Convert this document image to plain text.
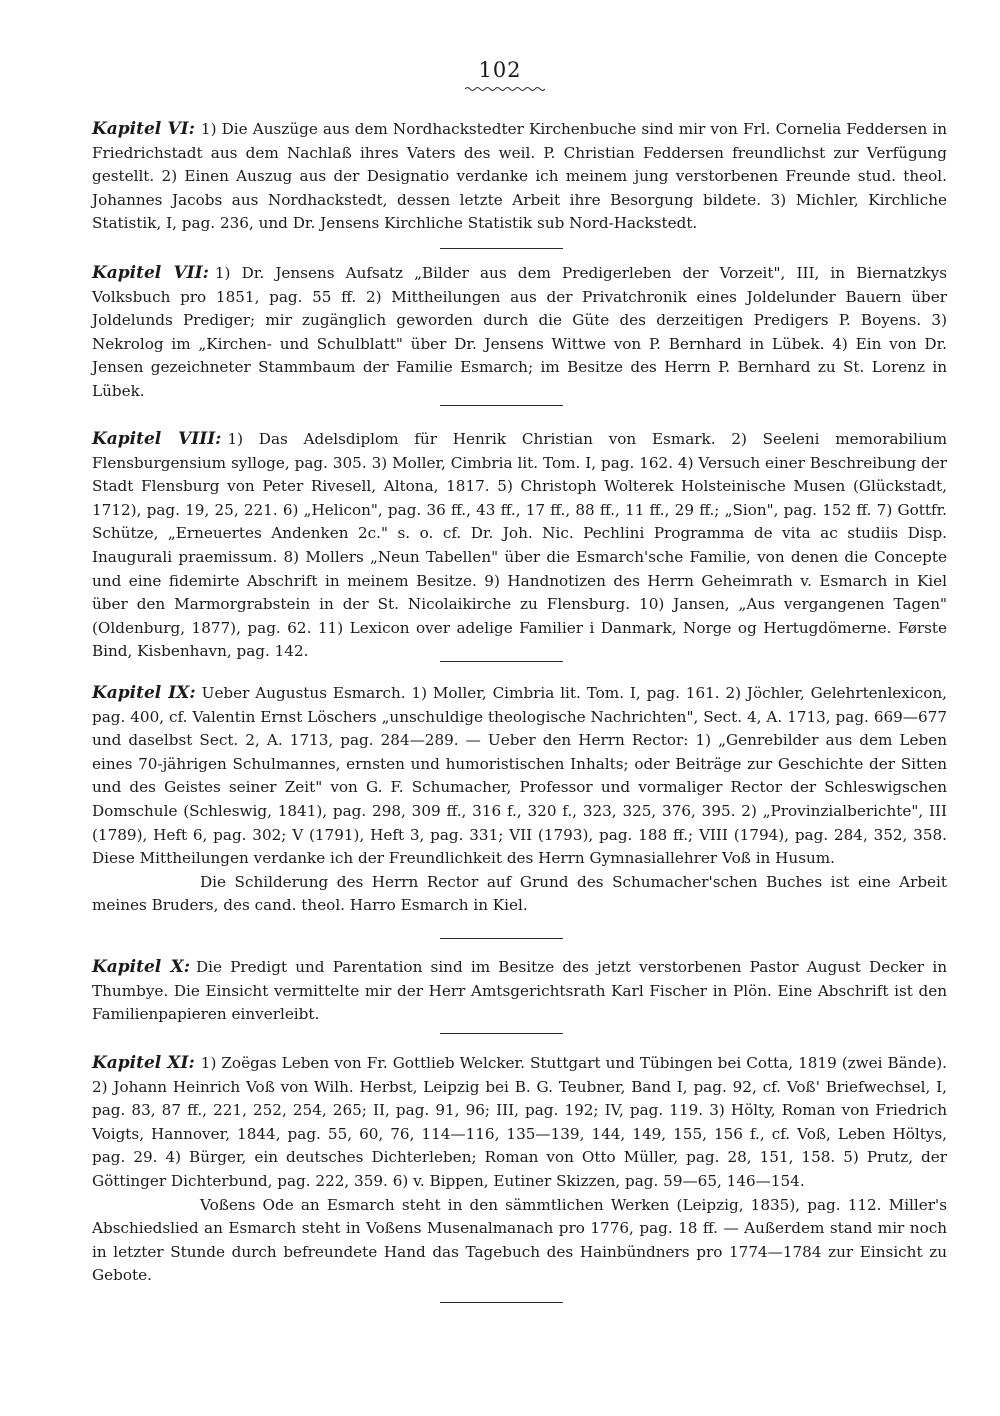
102

Kapitel VI: 1) Die Auszüge aus dem Nordhackstedter Kirchenbuche sind mir von Frl. Cornelia Feddersen in Friedrichstadt aus dem Nachlaß ihres Vaters des weil. P. Christian Feddersen freundlichst zur Verfügung gestellt. 2) Einen Auszug aus der Designatio verdanke ich meinem jung verstorbenen Freunde stud. theol. Johannes Jacobs aus Nordhackstedt, dessen letzte Arbeit ihre Besorgung bildete. 3) Michler, Kirchliche Statistik, I, pag. 236, und Dr. Jensens Kirchliche Statistik sub Nord-Hackstedt.

Kapitel VII: 1) Dr. Jensens Aufsatz „Bilder aus dem Predigerleben der Vorzeit", III, in Biernatzkys Volksbuch pro 1851, pag. 55 ff. 2) Mittheilungen aus der Privatchronik eines Joldelunder Bauern über Joldelunds Prediger; mir zugänglich geworden durch die Güte des derzeitigen Predigers P. Boyens. 3) Nekrolog im „Kirchen- und Schulblatt" über Dr. Jensens Wittwe von P. Bernhard in Lübek. 4) Ein von Dr. Jensen gezeichneter Stammbaum der Familie Esmarch; im Besitze des Herrn P. Bernhard zu St. Lorenz in Lübek.

Kapitel VIII: 1) Das Adelsdiplom für Henrik Christian von Esmark. 2) Seeleni memorabilium Flensburgensium sylloge, pag. 305. 3) Moller, Cimbria lit. Tom. I, pag. 162. 4) Versuch einer Beschreibung der Stadt Flensburg von Peter Rivesell, Altona, 1817. 5) Christoph Wolterek Holsteinische Musen (Glückstadt, 1712), pag. 19, 25, 221. 6) „Helicon", pag. 36 ff., 43 ff., 17 ff., 88 ff., 11 ff., 29 ff.; „Sion", pag. 152 ff. 7) Gottfr. Schütze, „Erneuertes Andenken 2c." s. o. cf. Dr. Joh. Nic. Pechlini Programma de vita ac studiis Disp. Inaugurali praemissum. 8) Mollers „Neun Tabellen" über die Esmarch'sche Familie, von denen die Concepte und eine fidemirte Abschrift in meinem Besitze. 9) Handnotizen des Herrn Geheimrath v. Esmarch in Kiel über den Marmorgrabstein in der St. Nicolaikirche zu Flensburg. 10) Jansen, „Aus vergangenen Tagen" (Oldenburg, 1877), pag. 62. 11) Lexicon over adelige Familier i Danmark, Norge og Hertugdömerne. Første Bind, Kisbenhavn, pag. 142.

Kapitel IX: Ueber Augustus Esmarch. 1) Moller, Cimbria lit. Tom. I, pag. 161. 2) Jöchler, Gelehrtenlexicon, pag. 400, cf. Valentin Ernst Löschers „unschuldige theologische Nachrichten", Sect. 4, A. 1713, pag. 669—677 und daselbst Sect. 2, A. 1713, pag. 284—289. — Ueber den Herrn Rector: 1) „Genrebilder aus dem Leben eines 70-jährigen Schulmannes, ernsten und humoristischen Inhalts; oder Beiträge zur Geschichte der Sitten und des Geistes seiner Zeit" von G. F. Schumacher, Professor und vormaliger Rector der Schleswigschen Domschule (Schleswig, 1841), pag. 298, 309 ff., 316 f., 320 f., 323, 325, 376, 395. 2) „Provinzialberichte", III (1789), Heft 6, pag. 302; V (1791), Heft 3, pag. 331; VII (1793), pag. 188 ff.; VIII (1794), pag. 284, 352, 358. Diese Mittheilungen verdanke ich der Freundlichkeit des Herrn Gymnasiallehrer Voß in Husum.

Die Schilderung des Herrn Rector auf Grund des Schumacher'schen Buches ist eine Arbeit meines Bruders, des cand. theol. Harro Esmarch in Kiel.

Kapitel X: Die Predigt und Parentation sind im Besitze des jetzt verstorbenen Pastor August Decker in Thumbye. Die Einsicht vermittelte mir der Herr Amtsgerichtsrath Karl Fischer in Plön. Eine Abschrift ist den Familienpapieren einverleibt.

Kapitel XI: 1) Zoëgas Leben von Fr. Gottlieb Welcker. Stuttgart und Tübingen bei Cotta, 1819 (zwei Bände). 2) Johann Heinrich Voß von Wilh. Herbst, Leipzig bei B. G. Teubner, Band I, pag. 92, cf. Voß' Briefwechsel, I, pag. 83, 87 ff., 221, 252, 254, 265; II, pag. 91, 96; III, pag. 192; IV, pag. 119. 3) Hölty, Roman von Friedrich Voigts, Hannover, 1844, pag. 55, 60, 76, 114—116, 135—139, 144, 149, 155, 156 f., cf. Voß, Leben Höltys, pag. 29. 4) Bürger, ein deutsches Dichterleben; Roman von Otto Müller, pag. 28, 151, 158. 5) Prutz, der Göttinger Dichterbund, pag. 222, 359. 6) v. Bippen, Eutiner Skizzen, pag. 59—65, 146—154.

Voßens Ode an Esmarch steht in den sämmtlichen Werken (Leipzig, 1835), pag. 112. Miller's Abschiedslied an Esmarch steht in Voßens Musenalmanach pro 1776, pag. 18 ff. — Außerdem stand mir noch in letzter Stunde durch befreundete Hand das Tagebuch des Hainbündners pro 1774—1784 zur Einsicht zu Gebote.
